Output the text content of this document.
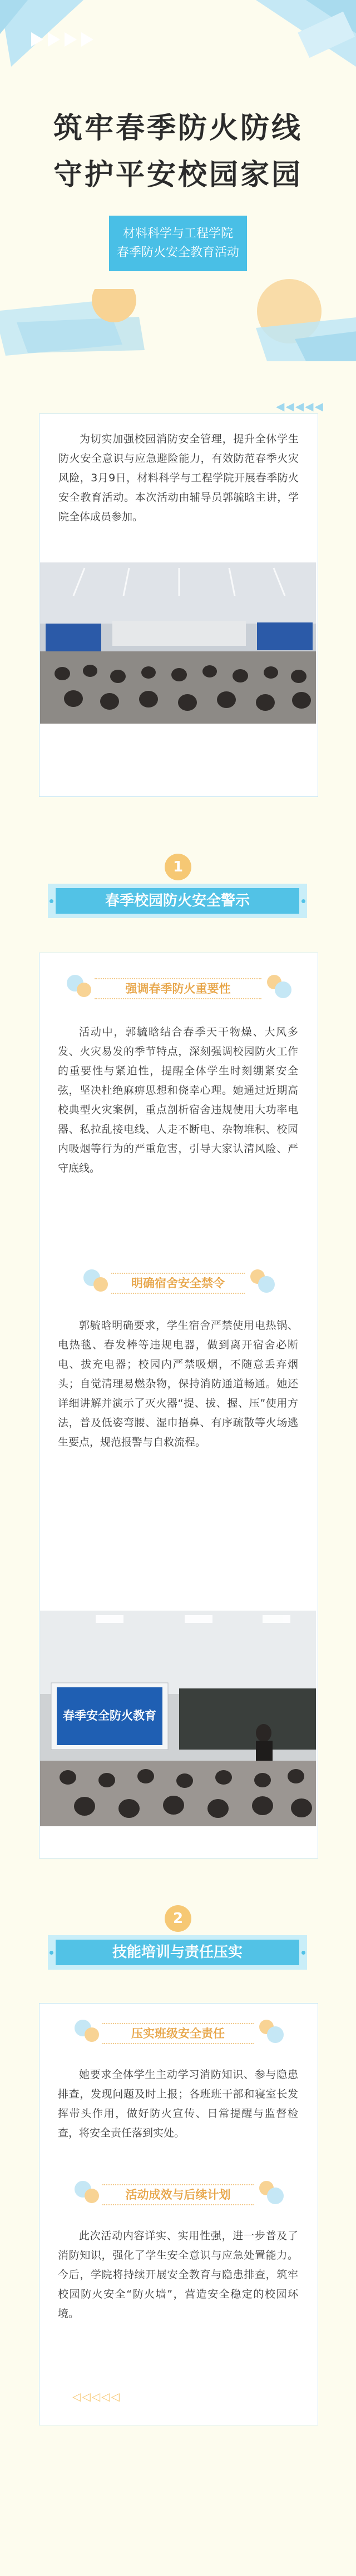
筑牢春季防火防线
守护平安校园家园
材料科学与工程学院
春季防火安全教育活动
◀◀◀◀◀

为切实加强校园消防安全管理，提升全体学生防火安全意识与应急避险能力，有效防范春季火灾风险，3月9日，材料科学与工程学院开展春季防火安全教育活动。本次活动由辅导员郭毓晗主讲，学院全体成员参加。

1
春季校园防火安全警示
强调春季防火重要性

活动中，郭毓晗结合春季天干物燥、大风多发、火灾易发的季节特点，深刻强调校园防火工作的重要性与紧迫性，提醒全体学生时刻绷紧安全弦，坚决杜绝麻痹思想和侥幸心理。她通过近期高校典型火灾案例，重点剖析宿舍违规使用大功率电器、私拉乱接电线、人走不断电、杂物堆积、校园内吸烟等行为的严重危害，引导大家认清风险、严守底线。

明确宿舍安全禁令

郭毓晗明确要求，学生宿舍严禁使用电热锅、电热毯、春发棒等违规电器，做到离开宿舍必断电、拔充电器；校园内严禁吸烟，不随意丢弃烟头；自觉清理易燃杂物，保持消防通道畅通。她还详细讲解并演示了灭火器“提、拔、握、压”使用方法，普及低姿弯腰、湿巾捂鼻、有序疏散等火场逃生要点，规范报警与自救流程。

春季安全防火教育
2
技能培训与责任压实
压实班级安全责任

她要求全体学生主动学习消防知识、参与隐患排查，发现问题及时上报；各班班干部和寝室长发挥带头作用，做好防火宣传、日常提醒与监督检查，将安全责任落到实处。

活动成效与后续计划

此次活动内容详实、实用性强，进一步普及了消防知识，强化了学生安全意识与应急处置能力。今后，学院将持续开展安全教育与隐患排查，筑牢校园防火安全“防火墙”，营造安全稳定的校园环境。

◁◁◁◁◁
